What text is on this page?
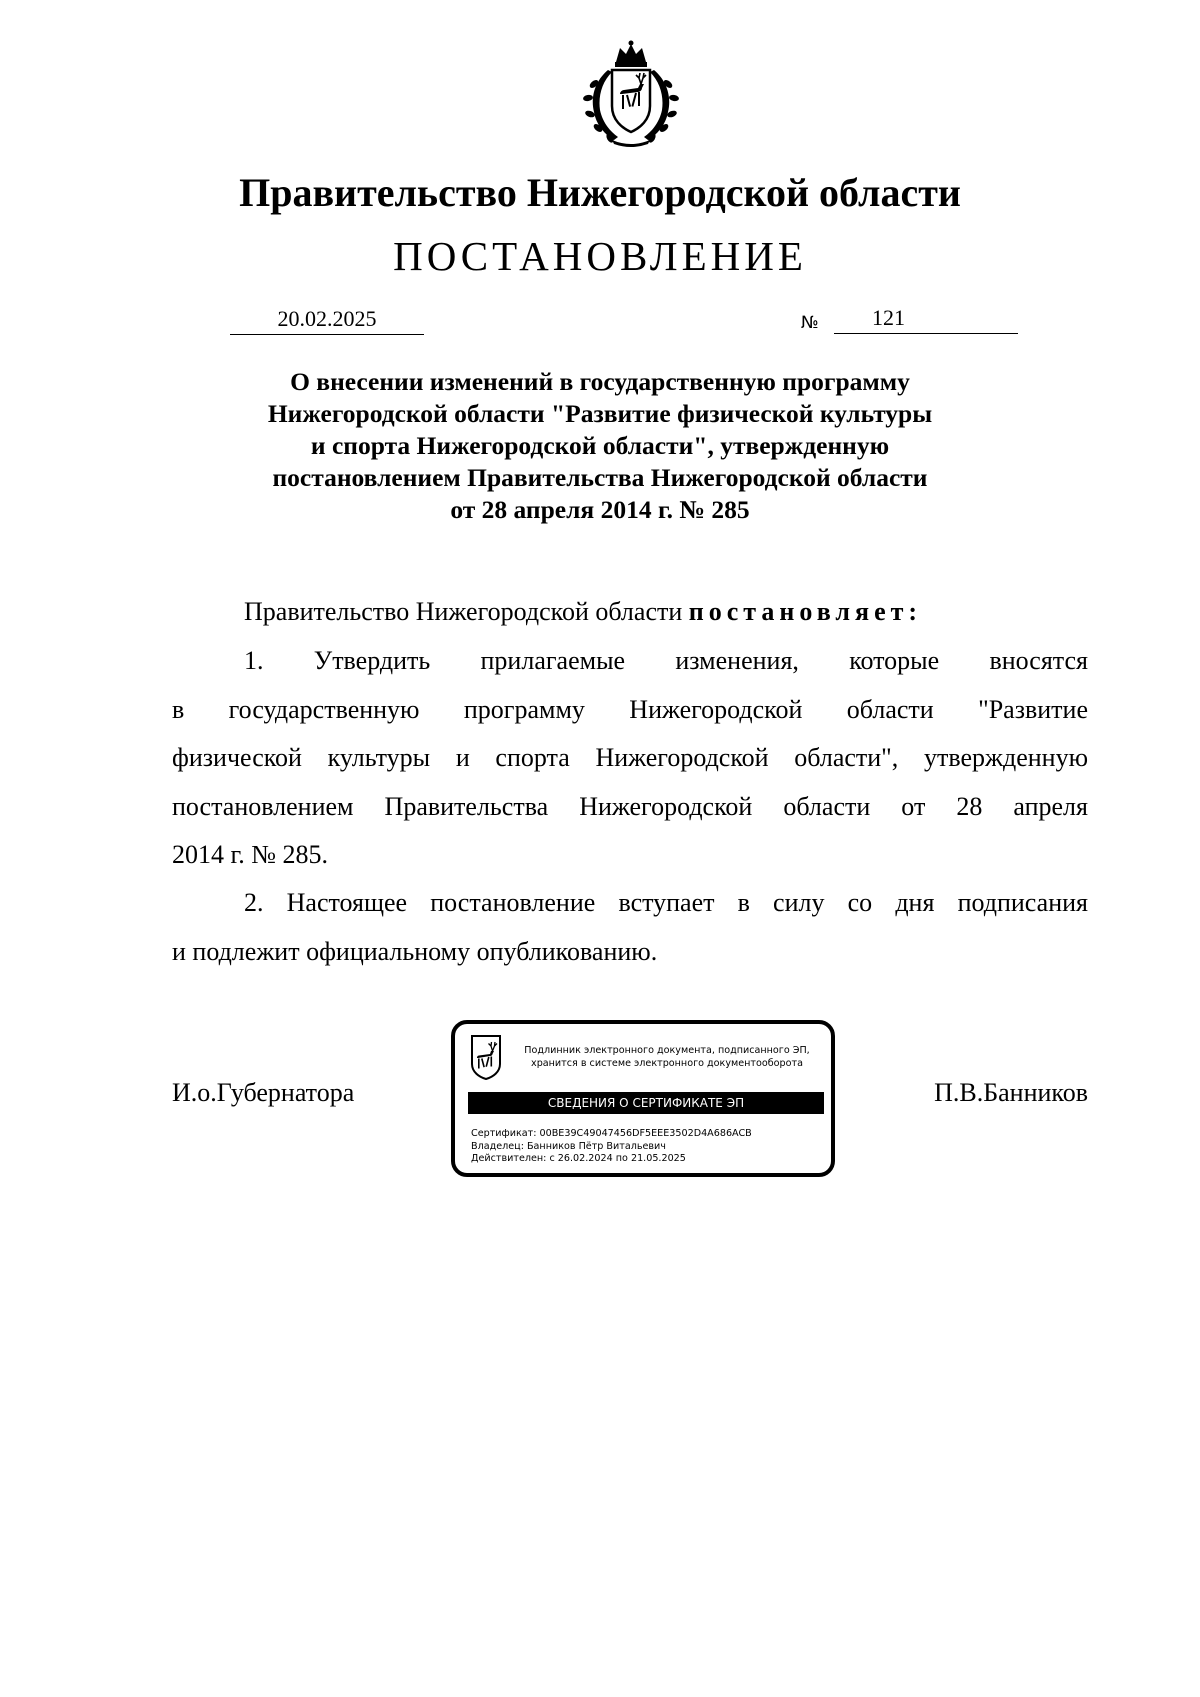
Правительство Нижегородской области
ПОСТАНОВЛЕНИЕ
20.02.2025	№	121
О внесении изменений в государственную программу
Нижегородской области "Развитие физической культуры
и спорта Нижегородской области", утвержденную
постановлением Правительства Нижегородской области
от 28 апреля 2014 г. № 285
Правительство Нижегородской области постановляет:
1. Утвердить прилагаемые изменения, которые вносятся
в государственную программу Нижегородской области "Развитие
физической культуры и спорта Нижегородской области", утвержденную
постановлением Правительства Нижегородской области от 28 апреля
2014 г. № 285.
2. Настоящее постановление вступает в силу со дня подписания
и подлежит официальному опубликованию.
И.о.Губернатора	П.В.Банников
Подлинник электронного документа, подписанного ЭП,
хранится в системе электронного документооборота
СВЕДЕНИЯ О СЕРТИФИКАТЕ ЭП
Сертификат: 00BE39C49047456DF5EEE3502D4A686ACB
Владелец: Банников Пётр Витальевич
Действителен: с 26.02.2024 по 21.05.2025
